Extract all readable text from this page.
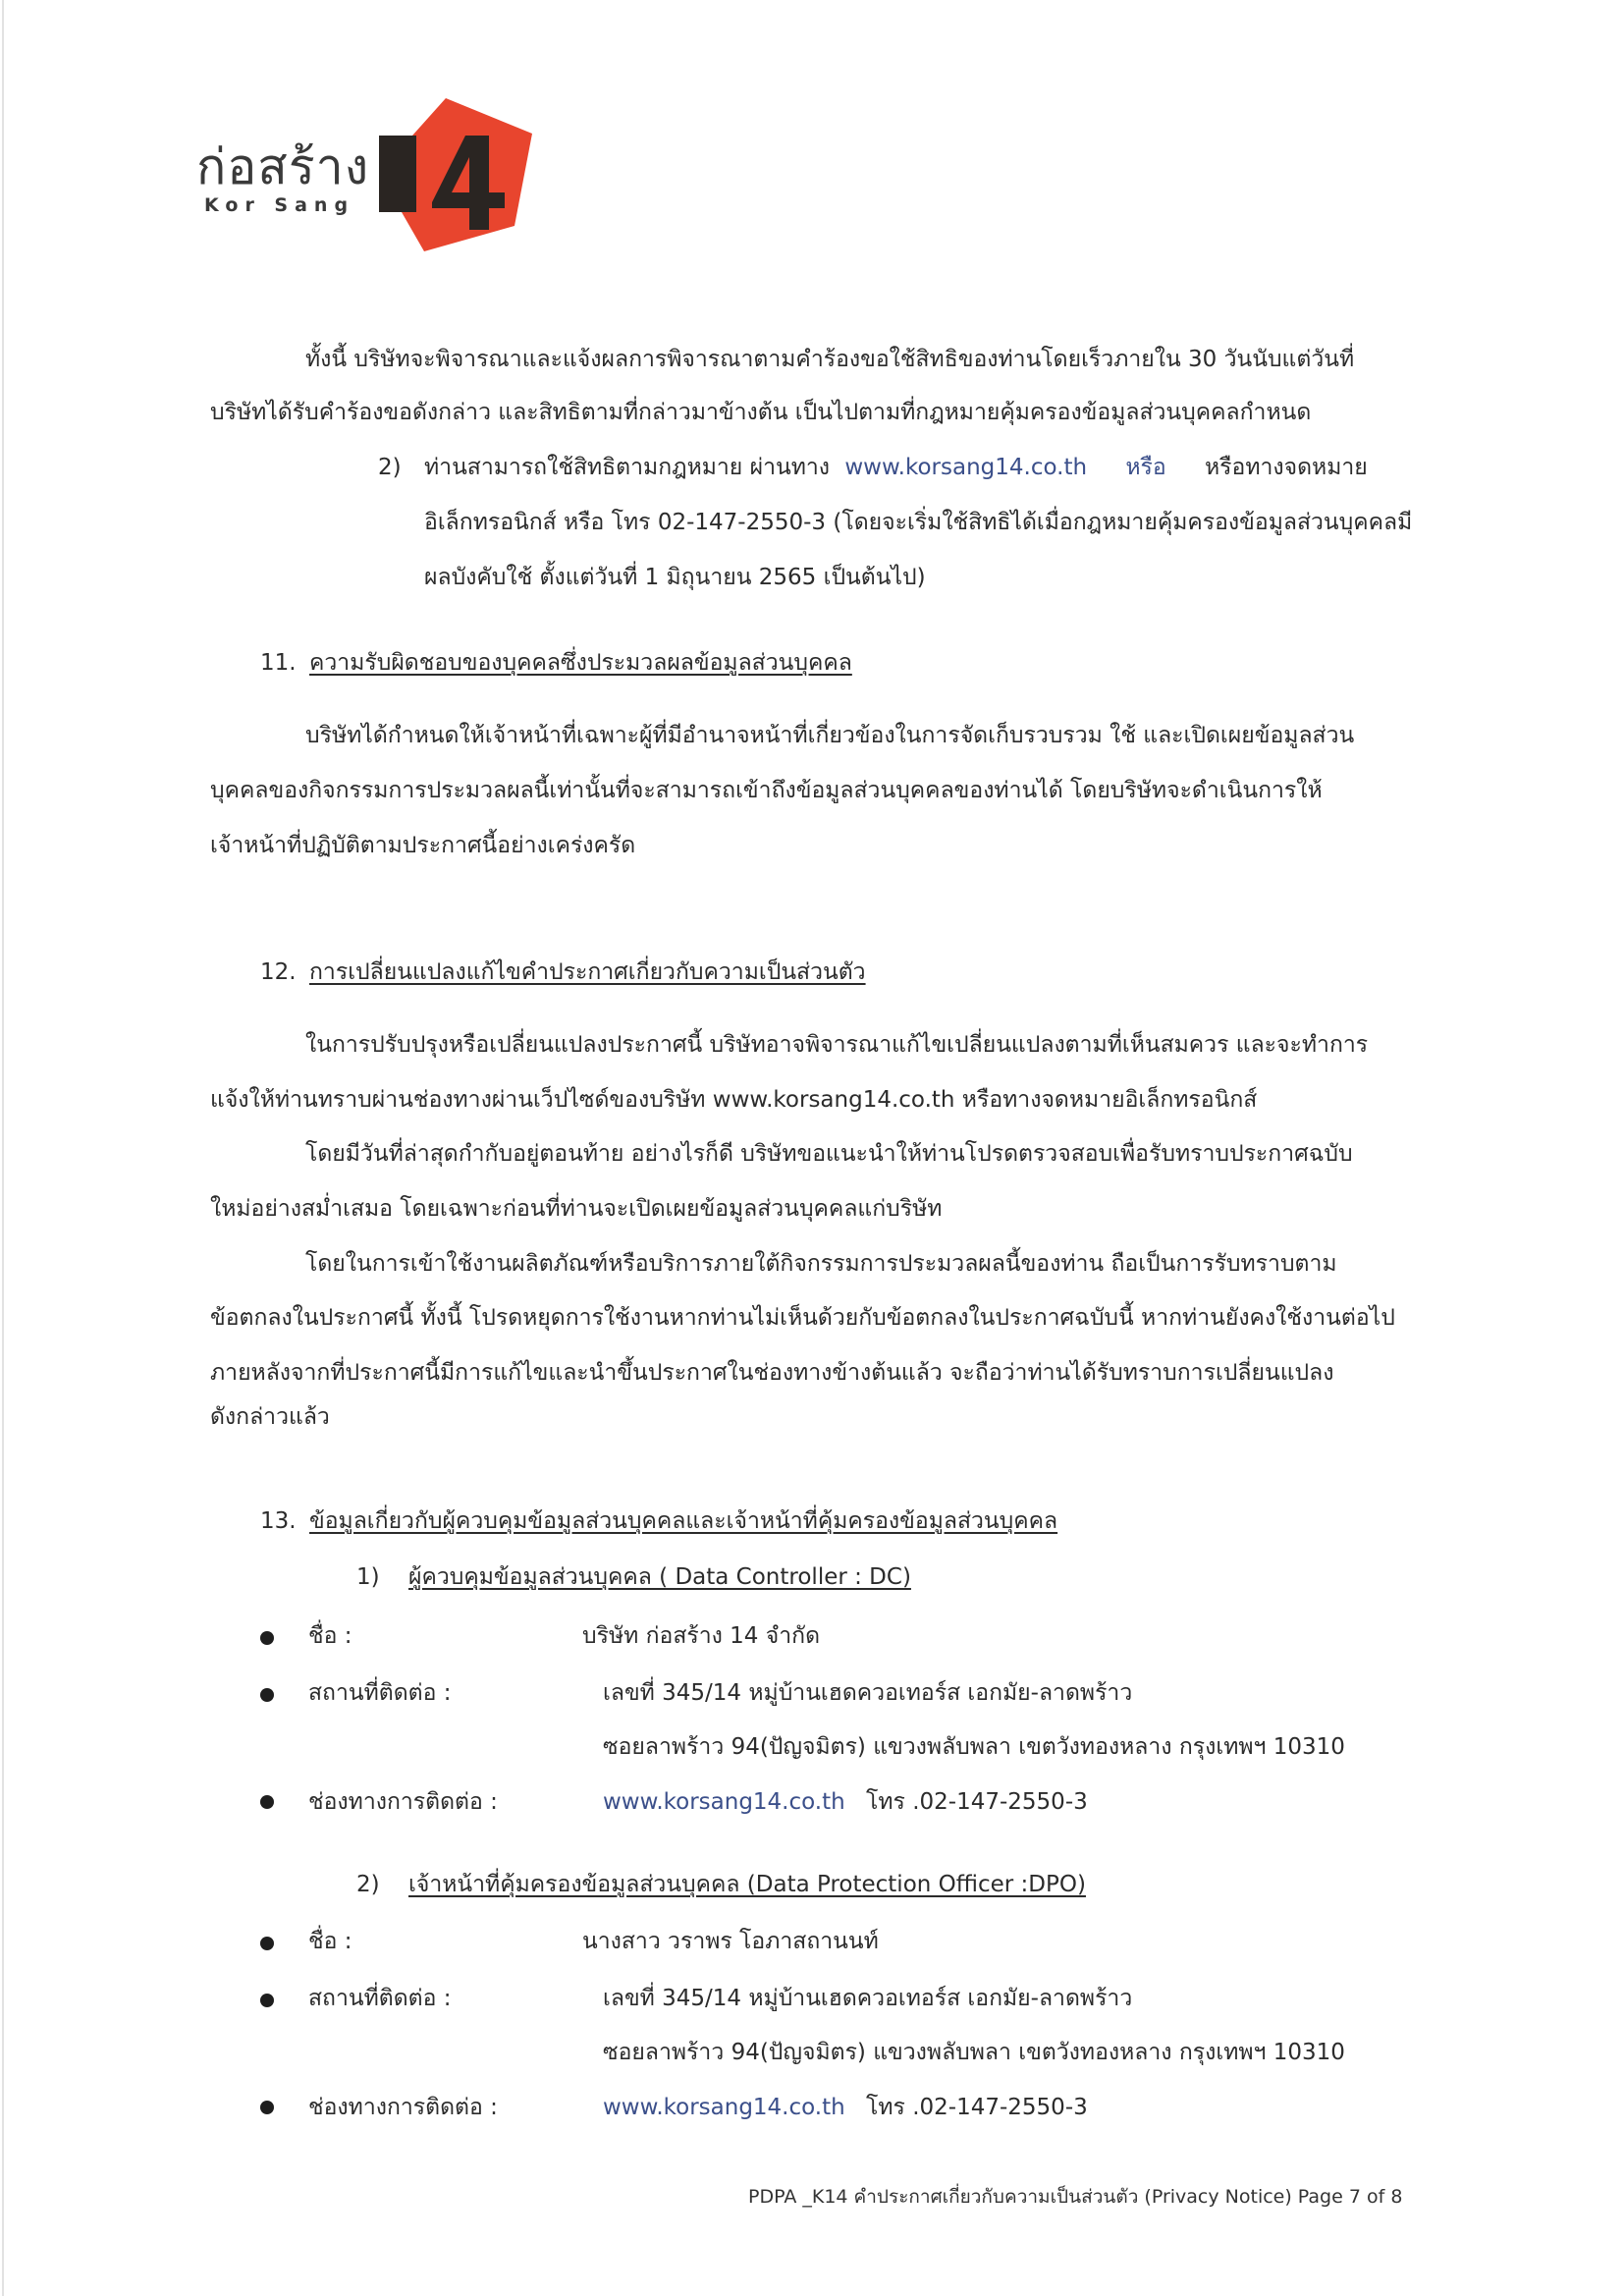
ก่อสร้าง
Kor Sang
ทั้งนี้ บริษัทจะพิจารณาและแจ้งผลการพิจารณาตามคำร้องขอใช้สิทธิของท่านโดยเร็วภายใน 30 วันนับแต่วันที่
บริษัทได้รับคำร้องขอดังกล่าว และสิทธิตามที่กล่าวมาข้างต้น เป็นไปตามที่กฎหมายคุ้มครองข้อมูลส่วนบุคคลกำหนด
2) ท่านสามารถใช้สิทธิตามกฎหมาย ผ่านทาง www.korsang14.co.th หรือ หรือทางจดหมาย
อิเล็กทรอนิกส์ หรือ โทร 02-147-2550-3 (โดยจะเริ่มใช้สิทธิได้เมื่อกฎหมายคุ้มครองข้อมูลส่วนบุคคลมี
ผลบังคับใช้ ตั้งแต่วันที่ 1 มิถุนายน 2565 เป็นต้นไป)
11. ความรับผิดชอบของบุคคลซึ่งประมวลผลข้อมูลส่วนบุคคล
บริษัทได้กำหนดให้เจ้าหน้าที่เฉพาะผู้ที่มีอำนาจหน้าที่เกี่ยวข้องในการจัดเก็บรวบรวม ใช้ และเปิดเผยข้อมูลส่วน
บุคคลของกิจกรรมการประมวลผลนี้เท่านั้นที่จะสามารถเข้าถึงข้อมูลส่วนบุคคลของท่านได้ โดยบริษัทจะดำเนินการให้
เจ้าหน้าที่ปฏิบัติตามประกาศนี้อย่างเคร่งครัด
12. การเปลี่ยนแปลงแก้ไขคำประกาศเกี่ยวกับความเป็นส่วนตัว
ในการปรับปรุงหรือเปลี่ยนแปลงประกาศนี้ บริษัทอาจพิจารณาแก้ไขเปลี่ยนแปลงตามที่เห็นสมควร และจะทำการ
แจ้งให้ท่านทราบผ่านช่องทางผ่านเว็ปไซด์ของบริษัท www.korsang14.co.th หรือทางจดหมายอิเล็กทรอนิกส์
โดยมีวันที่ล่าสุดกำกับอยู่ตอนท้าย อย่างไรก็ดี บริษัทขอแนะนำให้ท่านโปรดตรวจสอบเพื่อรับทราบประกาศฉบับ
ใหม่อย่างสม่ำเสมอ โดยเฉพาะก่อนที่ท่านจะเปิดเผยข้อมูลส่วนบุคคลแก่บริษัท
โดยในการเข้าใช้งานผลิตภัณฑ์หรือบริการภายใต้กิจกรรมการประมวลผลนี้ของท่าน ถือเป็นการรับทราบตาม
ข้อตกลงในประกาศนี้ ทั้งนี้ โปรดหยุดการใช้งานหากท่านไม่เห็นด้วยกับข้อตกลงในประกาศฉบับนี้ หากท่านยังคงใช้งานต่อไป
ภายหลังจากที่ประกาศนี้มีการแก้ไขและนำขึ้นประกาศในช่องทางข้างต้นแล้ว จะถือว่าท่านได้รับทราบการเปลี่ยนแปลง
ดังกล่าวแล้ว
13. ข้อมูลเกี่ยวกับผู้ควบคุมข้อมูลส่วนบุคคลและเจ้าหน้าที่คุ้มครองข้อมูลส่วนบุคคล
1) ผู้ควบคุมข้อมูลส่วนบุคคล ( Data Controller : DC)
ชื่อ :	บริษัท ก่อสร้าง 14 จำกัด
สถานที่ติดต่อ :	เลขที่ 345/14 หมู่บ้านเฮดควอเทอร์ส เอกมัย-ลาดพร้าว
ซอยลาพร้าว 94(ปัญจมิตร) แขวงพลับพลา เขตวังทองหลาง กรุงเทพฯ 10310
ช่องทางการติดต่อ :	www.korsang14.co.th โทร .02-147-2550-3
2) เจ้าหน้าที่คุ้มครองข้อมูลส่วนบุคคล (Data Protection Officer :DPO)
ชื่อ :	นางสาว วราพร โอภาสถานนท์
สถานที่ติดต่อ :	เลขที่ 345/14 หมู่บ้านเฮดควอเทอร์ส เอกมัย-ลาดพร้าว
ซอยลาพร้าว 94(ปัญจมิตร) แขวงพลับพลา เขตวังทองหลาง กรุงเทพฯ 10310
ช่องทางการติดต่อ :	www.korsang14.co.th โทร .02-147-2550-3
PDPA _K14 คำประกาศเกี่ยวกับความเป็นส่วนตัว (Privacy Notice) Page 7 of 8
